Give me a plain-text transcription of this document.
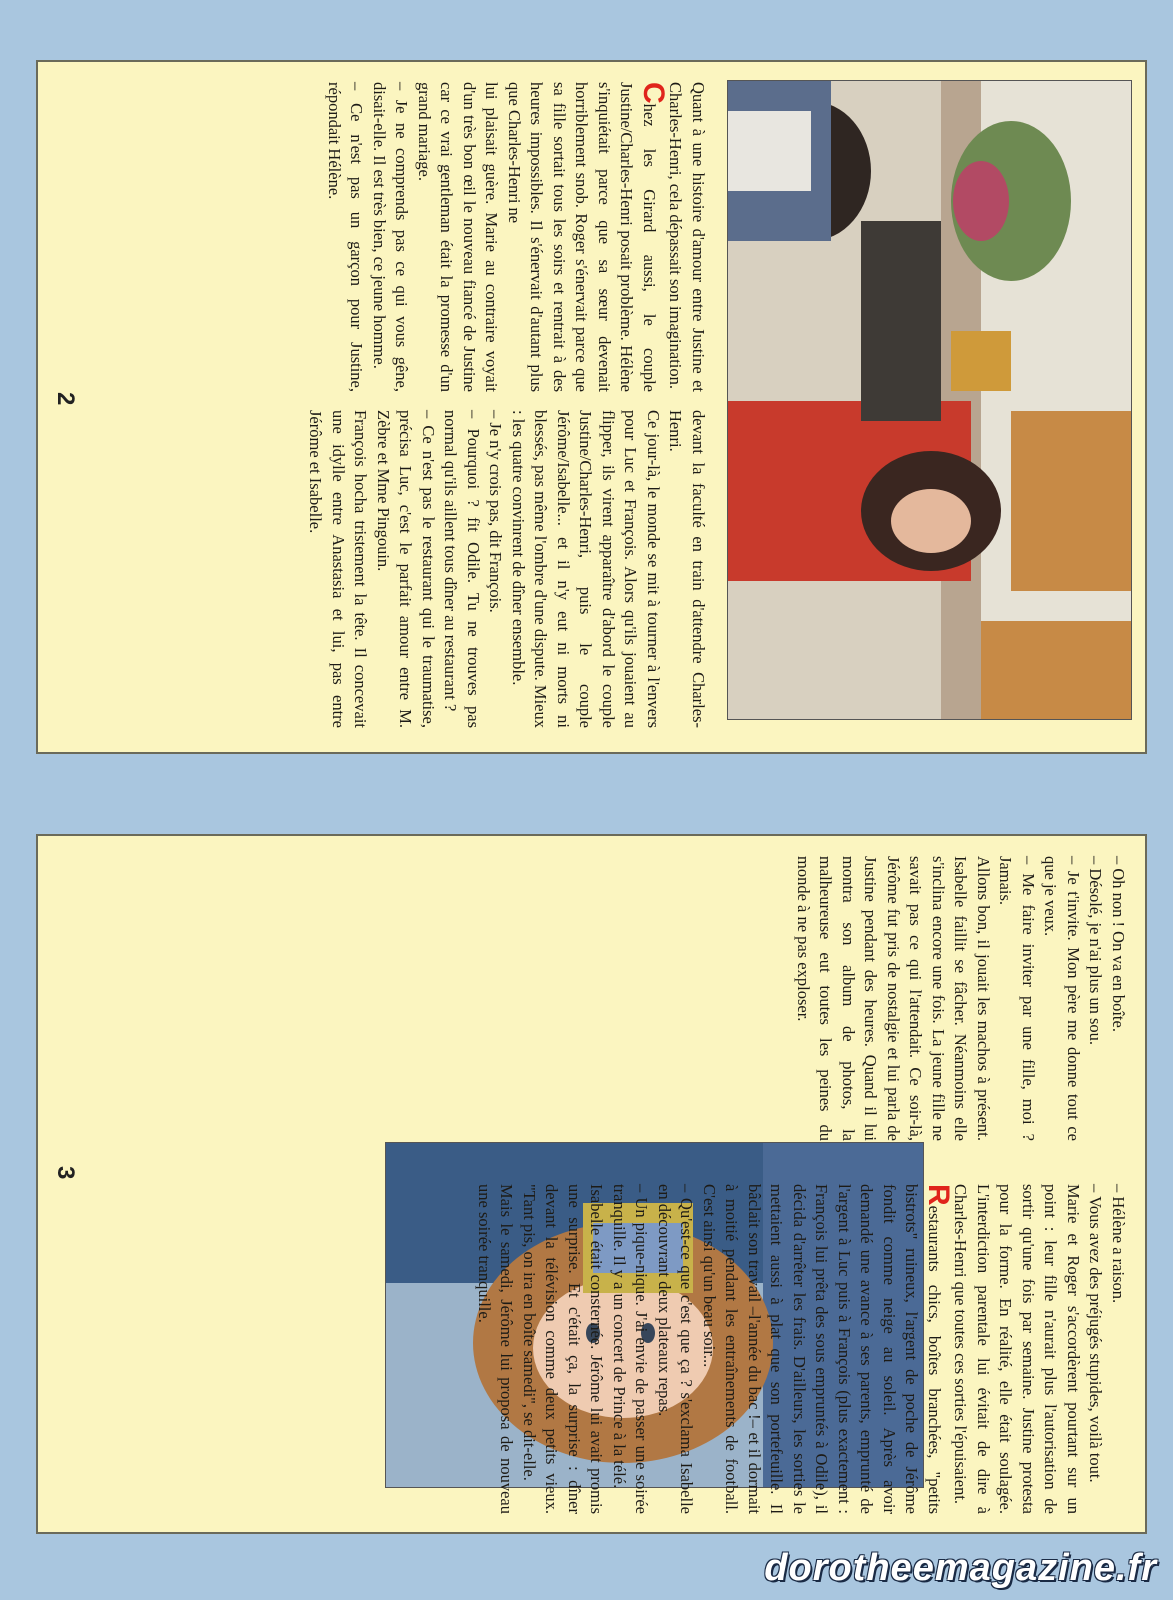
Quant à une histoire d'amour entre Justine et Charles-Henri, cela dépassait son imagination.

Chez les Girard aussi, le couple Justine/Charles-Henri posait problème. Hélène s'inquiétait parce que sa sœur devenait horriblement snob. Roger s'énervait parce que sa fille sortait tous les soirs et rentrait à des heures impossibles. Il s'énervait d'autant plus que Charles-Henri ne

lui plaisait guère. Marie au contraire voyait d'un très bon œil le nouveau fiancé de Justine car ce vrai gentleman était la promesse d'un grand mariage.

– Je ne comprends pas ce qui vous gêne, disait-elle. Il est très bien, ce jeune homme.

– Ce n'est pas un garçon pour Justine, répondait Hélène.

devant la faculté en train d'attendre Charles-Henri.

Ce jour-là, le monde se mit à tourner à l'envers pour Luc et François. Alors qu'ils jouaient au flipper, ils virent apparaître d'abord le couple Justine/Charles-Henri, puis le couple Jérôme/Isabelle... et il n'y eut ni morts ni blessés, pas même l'ombre d'une dispute. Mieux : les quatre convinrent de dîner ensemble.

– Je n'y crois pas, dit François.

– Pourquoi ? fit Odile. Tu ne trouves pas normal qu'ils aillent tous dîner au restaurant ?

– Ce n'est pas le restaurant qui le traumatise, précisa Luc, c'est le parfait amour entre M. Zèbre et Mme Pingouin.

François hocha tristement la tête. Il concevait une idylle entre Anastasia et lui, pas entre Jérôme et Isabelle.

2

– Oh non ! On va en boîte.

– Désolé, je n'ai plus un sou.

– Je t'invite. Mon père me donne tout ce que je veux.

– Me faire inviter par une fille, moi ? Jamais.

Allons bon, il jouait les machos à présent. Isabelle faillit se fâcher. Néanmoins elle s'inclina encore une fois. La jeune fille ne savait pas ce qui l'attendait. Ce soir-là, Jérôme fut pris de nostalgie et lui parla de Justine pendant des heures. Quand il lui montra son album de photos, la malheureuse eut toutes les peines du monde à ne pas exploser.

– Hélène a raison.

– Vous avez des préjugés stupides, voilà tout.

Marie et Roger s'accordèrent pourtant sur un point : leur fille n'aurait plus l'autorisation de sortir qu'une fois par semaine. Justine protesta pour la forme. En réalité, elle était soulagée. L'interdiction parentale lui évitait de dire à Charles-Henri que toutes ces sorties l'épuisaient.

Restaurants chics, boîtes branchées, "petits bistrots" ruineux, l'argent de poche de Jérôme fondit comme neige au soleil. Après avoir demandé une avance à ses parents, emprunté de l'argent à Luc puis à François (plus exactement : François lui prêta des sous empruntés à Odile), il décida d'arrêter les frais. D'ailleurs, les sorties le mettaient aussi à plat que son portefeuille. Il bâclait son travail –l'année du bac !– et il dormait à moitié pendant les entraînements de football. C'est ainsi qu'un beau soir...

– Qu'est-ce que c'est que ça ? s'exclama Isabelle en découvrant deux plateaux repas.

– Un pique-nique. J'ai envie de passer une soirée tranquille. Il y a un concert de Prince à la télé.

Isabelle était consternée. Jérôme lui avait promis une surprise. Et c'était ça, la surprise : dîner devant la télévision comme deux petits vieux. "Tant pis, on ira en boîte samedi", se dit-elle.

Mais le samedi, Jérôme lui proposa de nouveau une soirée tranquille.

3
dorotheemagazine.fr
